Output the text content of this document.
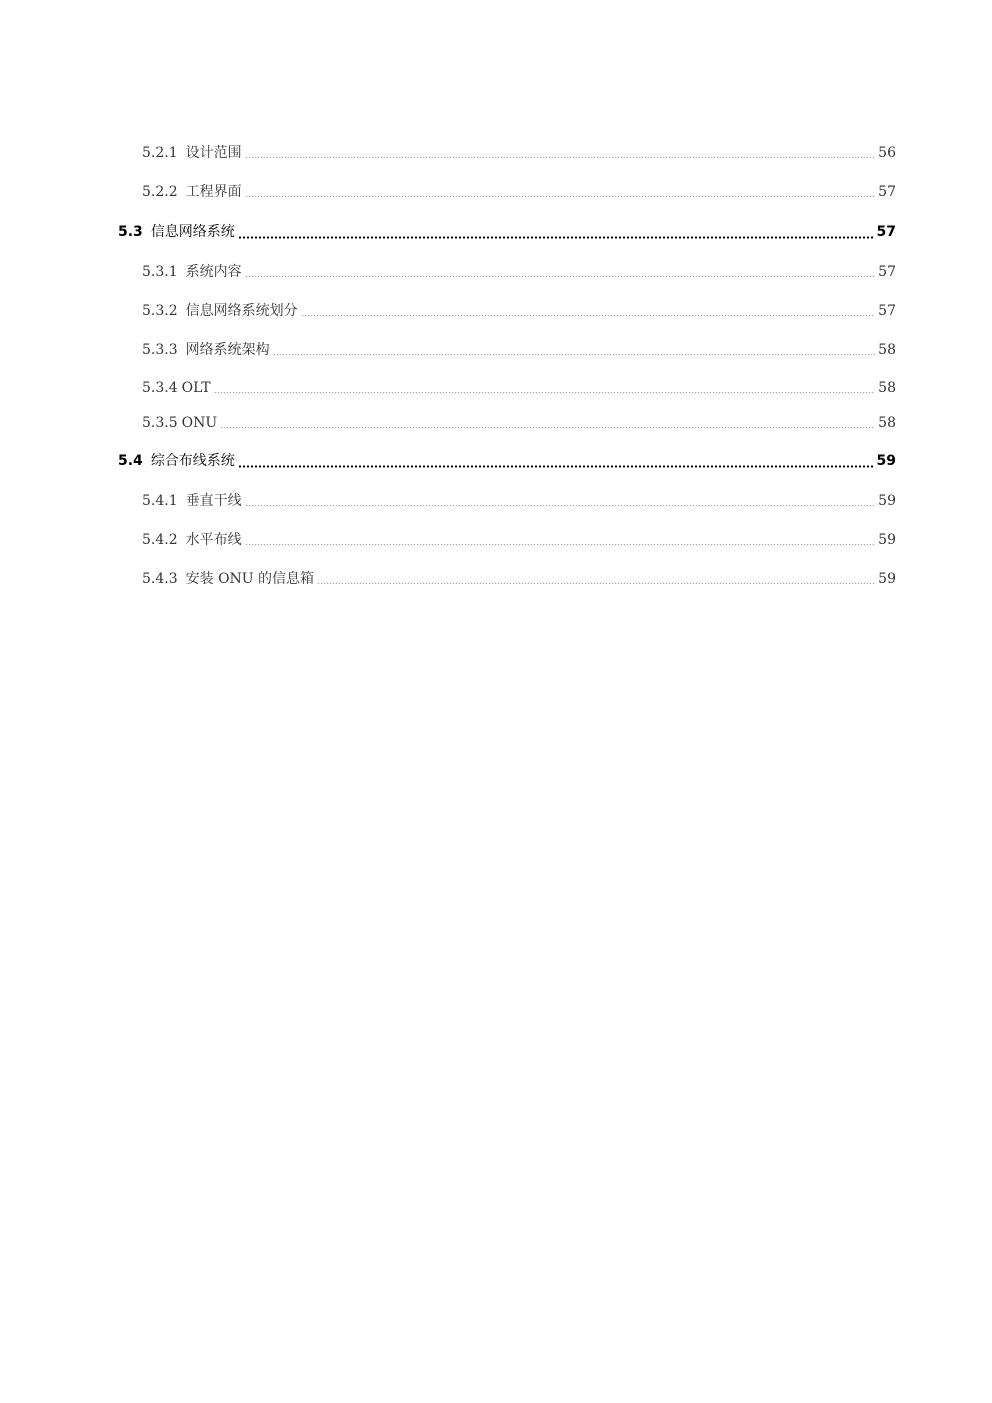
5.2.1 设计范围	56
5.2.2 工程界面	57
5.3 信息网络系统	57
5.3.1 系统内容	57
5.3.2 信息网络系统划分	57
5.3.3 网络系统架构	58
5.3.4 OLT	58
5.3.5 ONU	58
5.4 综合布线系统	59
5.4.1 垂直干线	59
5.4.2 水平布线	59
5.4.3 安装 ONU 的信息箱	59
